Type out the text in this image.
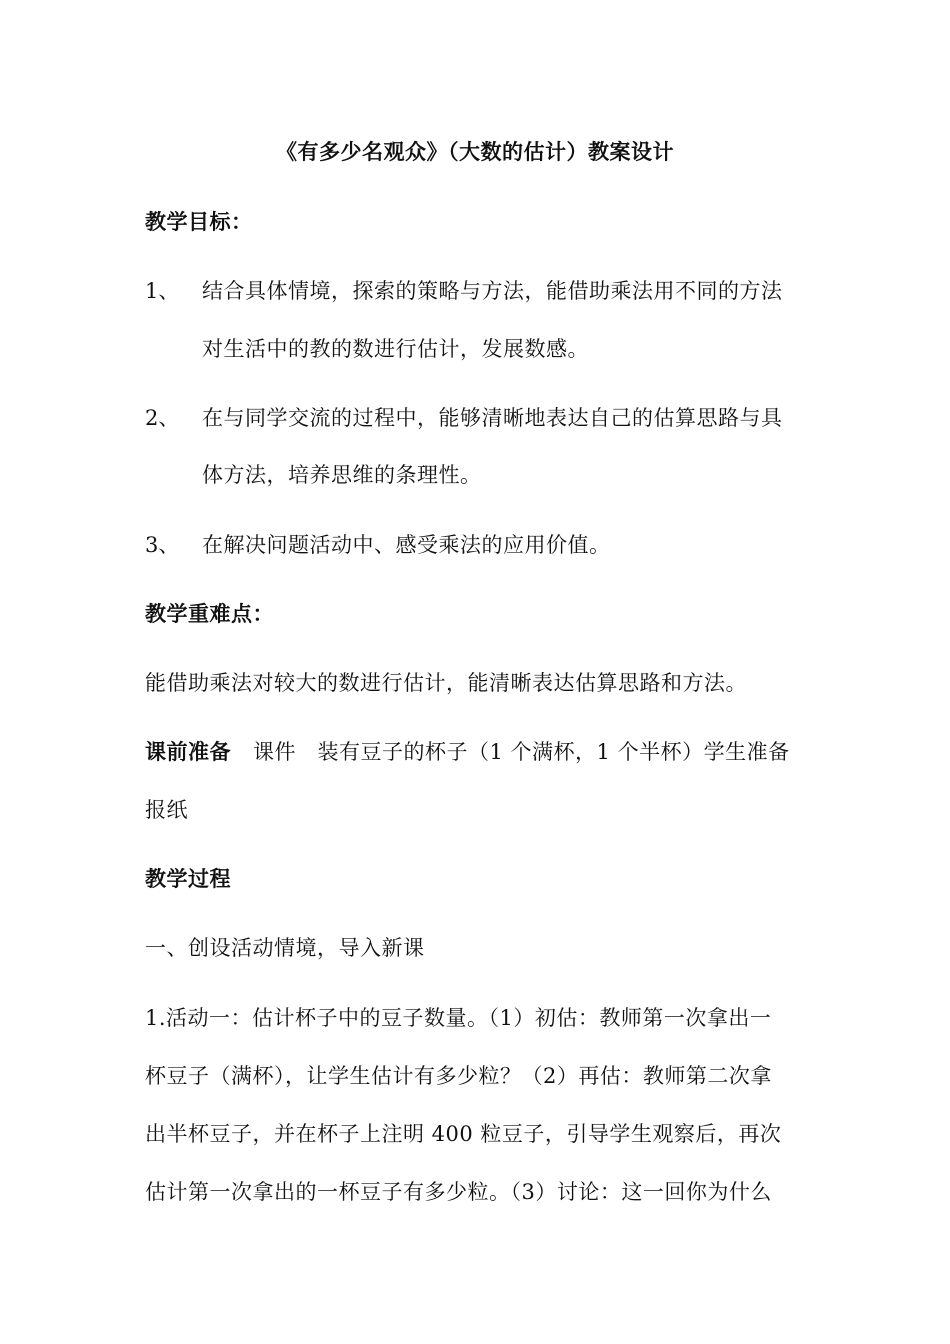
《有多少名观众》（大数的估计）教案设计
教学目标：
1、 结合具体情境，探索的策略与方法，能借助乘法用不同的方法
对生活中的教的数进行估计，发展数感。
2、 在与同学交流的过程中，能够清晰地表达自己的估算思路与具
体方法，培养思维的条理性。
3、 在解决问题活动中、感受乘法的应用价值。
教学重难点：
能借助乘法对较大的数进行估计，能清晰表达估算思路和方法。
课前准备 课件　装有豆子的杯子（1 个满杯，1 个半杯）学生准备
报纸
教学过程
一、创设活动情境，导入新课
1.活动一：估计杯子中的豆子数量。（1）初估：教师第一次拿出一
杯豆子（满杯），让学生估计有多少粒？（2）再估：教师第二次拿
出半杯豆子，并在杯子上注明 400 粒豆子，引导学生观察后，再次
估计第一次拿出的一杯豆子有多少粒。（3）讨论：这一回你为什么
